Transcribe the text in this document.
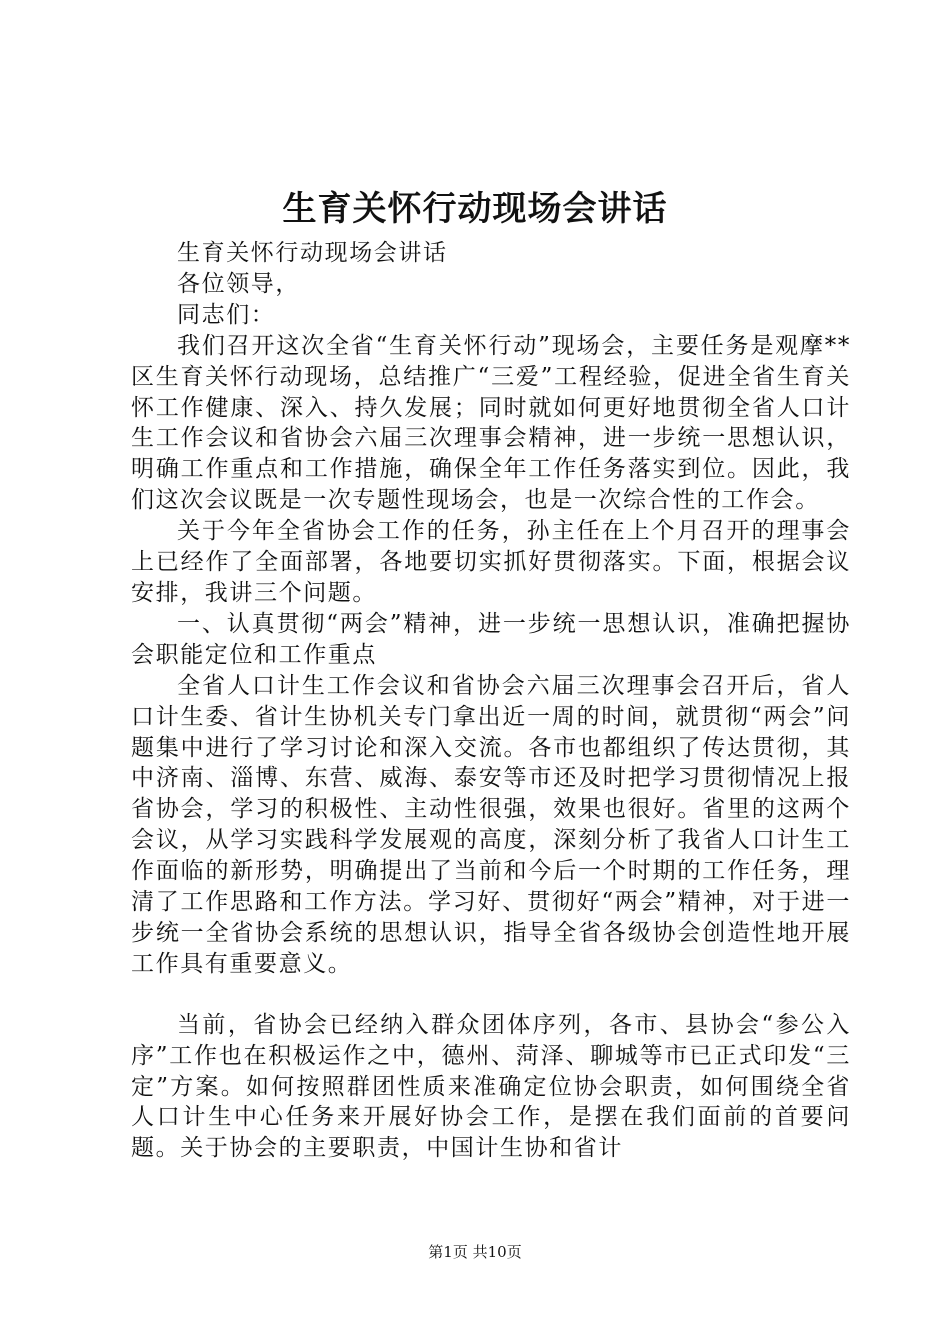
生育关怀行动现场会讲话

生育关怀行动现场会讲话

各位领导，

同志们：

我们召开这次全省“生育关怀行动”现场会，主要任务是观摩**区生育关怀行动现场，总结推广“三爱”工程经验，促进全省生育关怀工作健康、深入、持久发展；同时就如何更好地贯彻全省人口计生工作会议和省协会六届三次理事会精神，进一步统一思想认识，明确工作重点和工作措施，确保全年工作任务落实到位。因此，我们这次会议既是一次专题性现场会，也是一次综合性的工作会。

关于今年全省协会工作的任务，孙主任在上个月召开的理事会上已经作了全面部署，各地要切实抓好贯彻落实。下面，根据会议安排，我讲三个问题。

一、认真贯彻“两会”精神，进一步统一思想认识，准确把握协会职能定位和工作重点

全省人口计生工作会议和省协会六届三次理事会召开后，省人口计生委、省计生协机关专门拿出近一周的时间，就贯彻“两会”问题集中进行了学习讨论和深入交流。各市也都组织了传达贯彻，其中济南、淄博、东营、威海、泰安等市还及时把学习贯彻情况上报省协会，学习的积极性、主动性很强，效果也很好。省里的这两个会议，从学习实践科学发展观的高度，深刻分析了我省人口计生工作面临的新形势，明确提出了当前和今后一个时期的工作任务，理清了工作思路和工作方法。学习好、贯彻好“两会”精神，对于进一步统一全省协会系统的思想认识，指导全省各级协会创造性地开展工作具有重要意义。

当前，省协会已经纳入群众团体序列，各市、县协会“参公入序”工作也在积极运作之中，德州、菏泽、聊城等市已正式印发“三定”方案。如何按照群团性质来准确定位协会职责，如何围绕全省人口计生中心任务来开展好协会工作，是摆在我们面前的首要问题。关于协会的主要职责，中国计生协和省计

第1页 共10页
